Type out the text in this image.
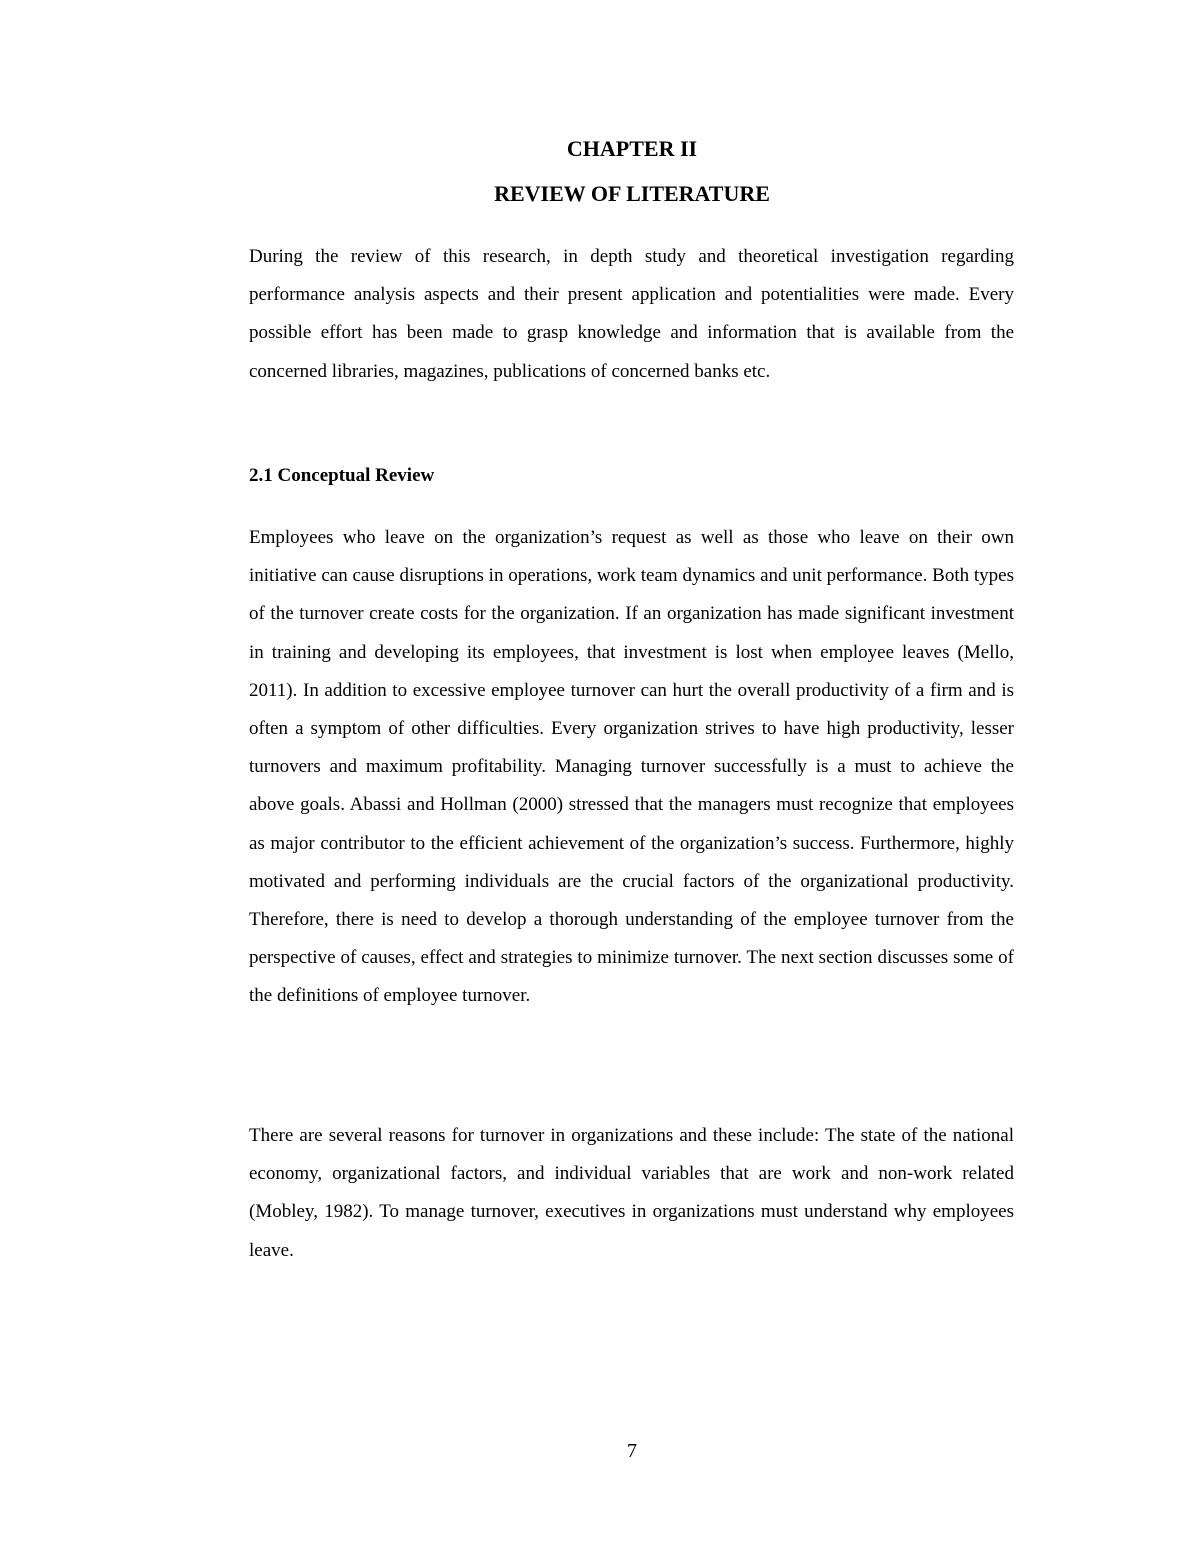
CHAPTER II
REVIEW OF LITERATURE

During the review of this research, in depth study and theoretical investigation regarding performance analysis aspects and their present application and potentialities were made. Every possible effort has been made to grasp knowledge and information that is available from the concerned libraries, magazines, publications of concerned banks etc.

2.1 Conceptual Review

Employees who leave on the organization’s request as well as those who leave on their own initiative can cause disruptions in operations, work team dynamics and unit performance. Both types of the turnover create costs for the organization. If an organization has made significant investment in training and developing its employees, that investment is lost when employee leaves (Mello, 2011). In addition to excessive employee turnover can hurt the overall productivity of a firm and is often a symptom of other difficulties. Every organization strives to have high productivity, lesser turnovers and maximum profitability. Managing turnover successfully is a must to achieve the above goals. Abassi and Hollman (2000) stressed that the managers must recognize that employees as major contributor to the efficient achievement of the organization’s success. Furthermore, highly motivated and performing individuals are the crucial factors of the organizational productivity. Therefore, there is need to develop a thorough understanding of the employee turnover from the perspective of causes, effect and strategies to minimize turnover. The next section discusses some of the definitions of employee turnover.

There are several reasons for turnover in organizations and these include: The state of the national economy, organizational factors, and individual variables that are work and non-work related (Mobley, 1982). To manage turnover, executives in organizations must understand why employees leave.

7
